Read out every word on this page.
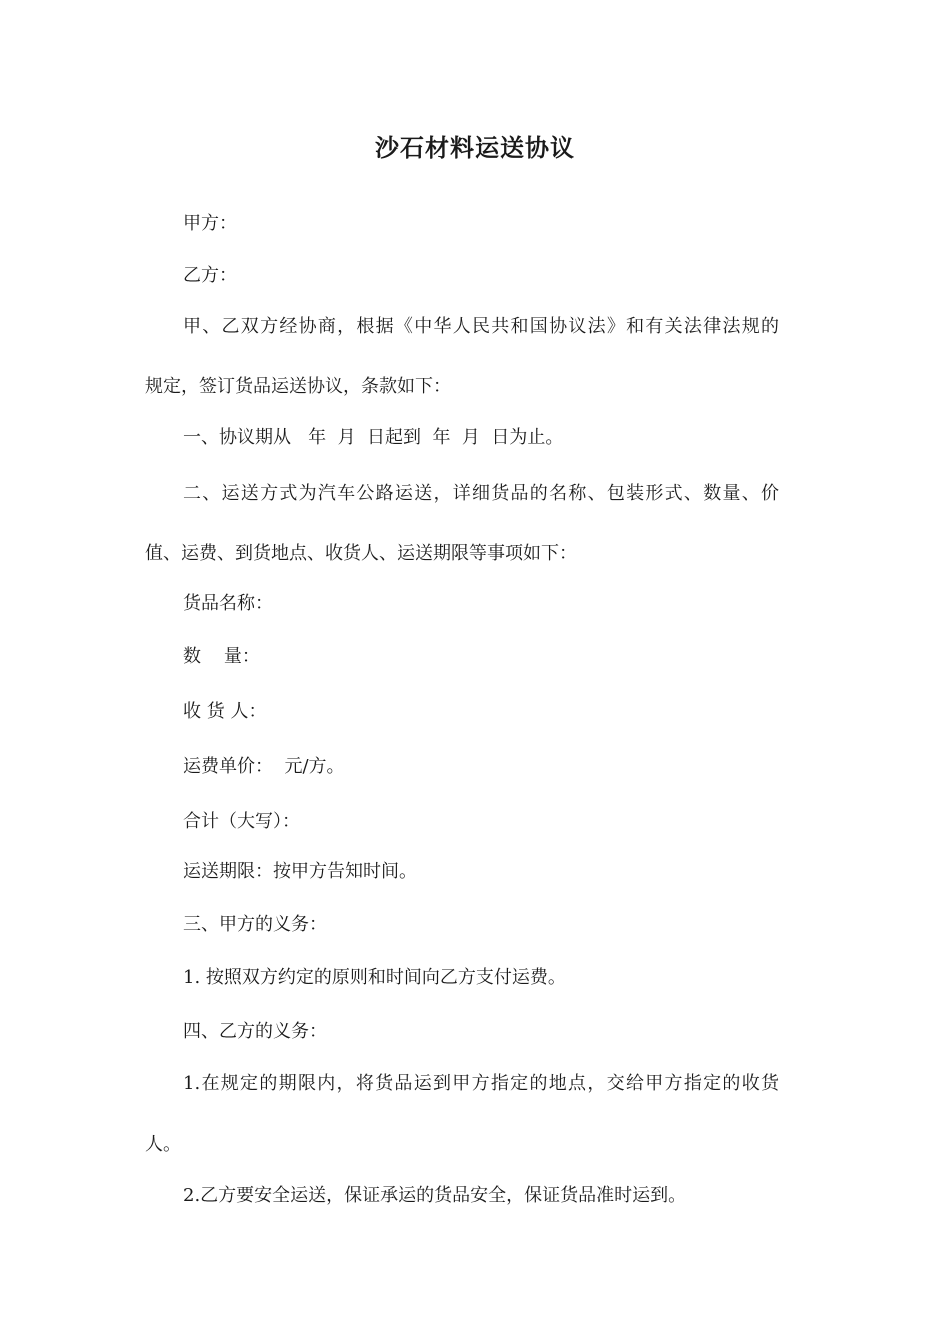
沙石材料运送协议
甲方：
乙方：
甲、乙双方经协商，根据《中华人民共和国协议法》和有关法律法规的
规定，签订货品运送协议，条款如下：
一、协议期从   年  月  日起到  年  月  日为止。
二、运送方式为汽车公路运送，详细货品的名称、包装形式、数量、价
值、运费、到货地点、收货人、运送期限等事项如下：
货品名称：
数    量：
收 货 人：
运费单价：  元/方。
合计（大写）：
运送期限：按甲方告知时间。
三、甲方的义务：
1. 按照双方约定的原则和时间向乙方支付运费。
四、乙方的义务：
1.在规定的期限内，将货品运到甲方指定的地点，交给甲方指定的收货
人。
2.乙方要安全运送，保证承运的货品安全，保证货品准时运到。
